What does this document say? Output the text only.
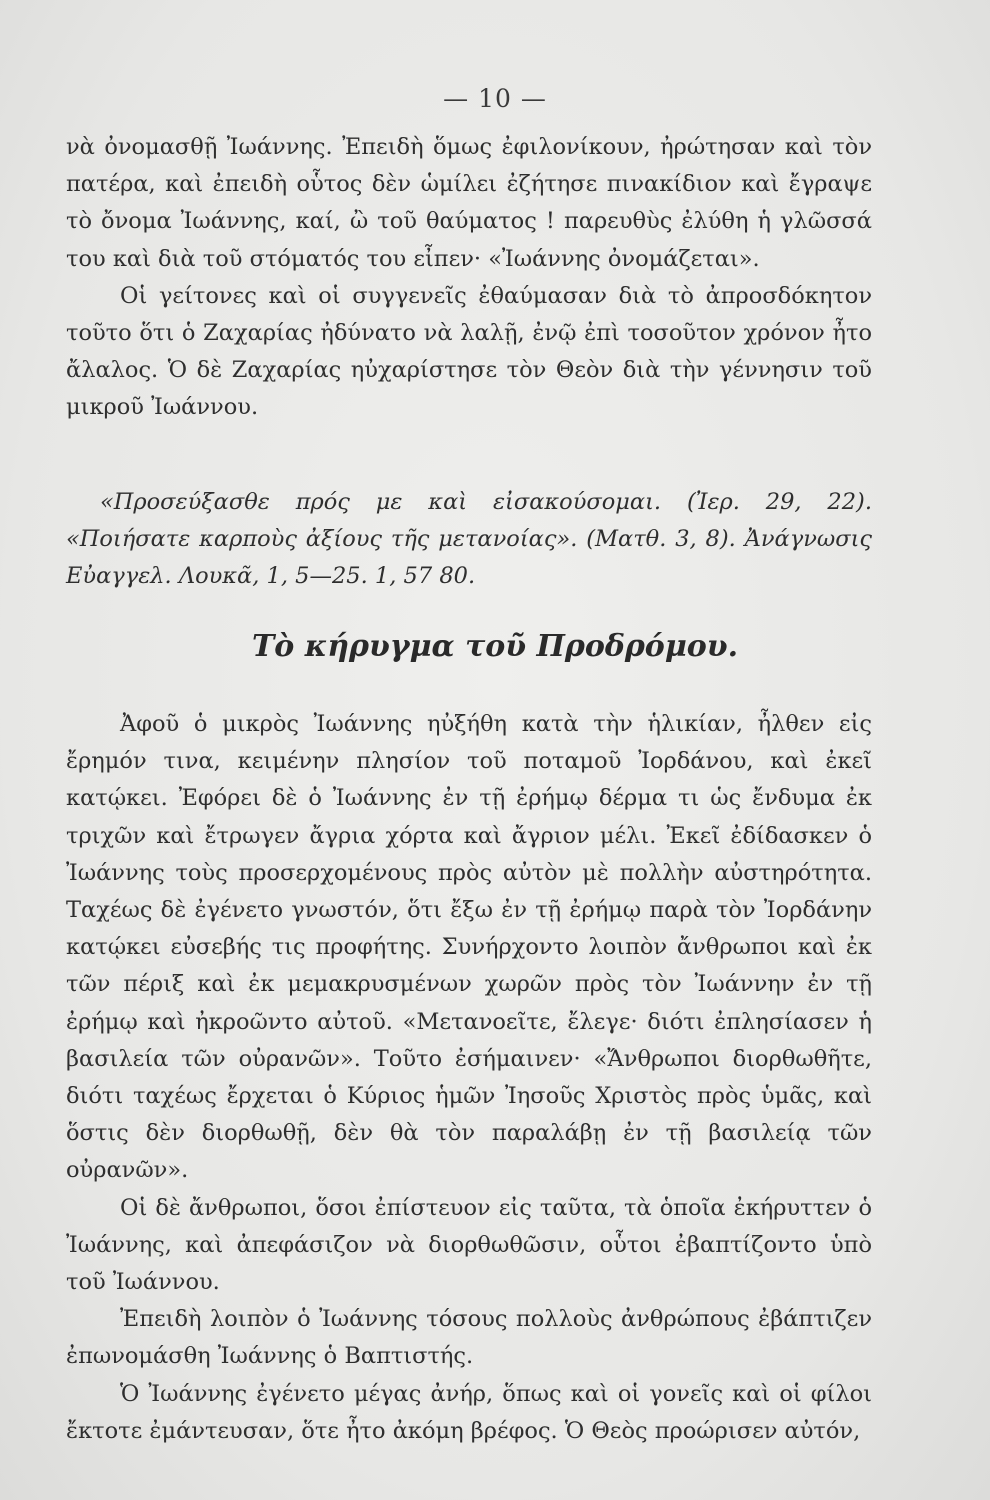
— 10 —

νὰ ὀνομασθῇ Ἰωάννης. Ἐπειδὴ ὅμως ἐφιλονίκουν, ἠρώτησαν καὶ τὸν πατέρα, καὶ ἐπειδὴ οὗτος δὲν ὡμίλει ἐζήτησε πινακίδιον καὶ ἔγραψε τὸ ὄνομα Ἰωάννης, καί, ὢ τοῦ θαύματος ! παρευθὺς ἐλύθη ἡ γλῶσσά του καὶ διὰ τοῦ στόματός του εἶπεν· «Ἰωάννης ὀνομάζεται».

Οἱ γείτονες καὶ οἱ συγγενεῖς ἐθαύμασαν διὰ τὸ ἀπροσδόκητον τοῦτο ὅτι ὁ Ζαχαρίας ἠδύνατο νὰ λαλῇ, ἐνῷ ἐπὶ τοσοῦτον χρόνον ἦτο ἄλαλος. Ὁ δὲ Ζαχαρίας ηὐχαρίστησε τὸν Θεὸν διὰ τὴν γέννησιν τοῦ μικροῦ Ἰωάννου.

«Προσεύξασθε πρός με καὶ εἰσακούσομαι. (Ἰερ. 29, 22). «Ποιήσατε καρποὺς ἀξίους τῆς μετανοίας». (Ματθ. 3, 8). Ἀνάγνωσις Εὐαγγελ. Λουκᾶ, 1, 5—25. 1, 57 80.

Τὸ κήρυγμα τοῦ Προδρόμου.

Ἀφοῦ ὁ μικρὸς Ἰωάννης ηὐξήθη κατὰ τὴν ἡλικίαν, ἦλθεν εἰς ἔρημόν τινα, κειμένην πλησίον τοῦ ποταμοῦ Ἰορδάνου, καὶ ἐκεῖ κατῴκει. Ἐφόρει δὲ ὁ Ἰωάννης ἐν τῇ ἐρήμῳ δέρμα τι ὡς ἔνδυμα ἐκ τριχῶν καὶ ἔτρωγεν ἄγρια χόρτα καὶ ἄγριον μέλι. Ἐκεῖ ἐδίδασκεν ὁ Ἰωάννης τοὺς προσερχομένους πρὸς αὐτὸν μὲ πολλὴν αὐστηρότητα. Ταχέως δὲ ἐγένετο γνωστόν, ὅτι ἔξω ἐν τῇ ἐρήμῳ παρὰ τὸν Ἰορδάνην κατῴκει εὐσεβής τις προφήτης. Συνήρχοντο λοιπὸν ἄνθρωποι καὶ ἐκ τῶν πέριξ καὶ ἐκ μεμακρυσμένων χωρῶν πρὸς τὸν Ἰωάννην ἐν τῇ ἐρήμῳ καὶ ἠκροῶντο αὐτοῦ. «Μετανοεῖτε, ἔλεγε· διότι ἐπλησίασεν ἡ βασιλεία τῶν οὐρανῶν». Τοῦτο ἐσήμαινεν· «Ἄνθρωποι διορθωθῆτε, διότι ταχέως ἔρχεται ὁ Κύριος ἡμῶν Ἰησοῦς Χριστὸς πρὸς ὑμᾶς, καὶ ὅστις δὲν διορθωθῇ, δὲν θὰ τὸν παραλάβῃ ἐν τῇ βασιλείᾳ τῶν οὐρανῶν».

Οἱ δὲ ἄνθρωποι, ὅσοι ἐπίστευον εἰς ταῦτα, τὰ ὁποῖα ἐκήρυττεν ὁ Ἰωάννης, καὶ ἀπεφάσιζον νὰ διορθωθῶσιν, οὗτοι ἐβαπτίζοντο ὑπὸ τοῦ Ἰωάννου.

Ἐπειδὴ λοιπὸν ὁ Ἰωάννης τόσους πολλοὺς ἀνθρώπους ἐβάπτιζεν ἐπωνομάσθη Ἰωάννης ὁ Βαπτιστής.

Ὁ Ἰωάννης ἐγένετο μέγας ἀνήρ, ὅπως καὶ οἱ γονεῖς καὶ οἱ φίλοι ἔκτοτε ἐμάντευσαν, ὅτε ἦτο ἀκόμη βρέφος. Ὁ Θεὸς προώρισεν αὐτόν,
